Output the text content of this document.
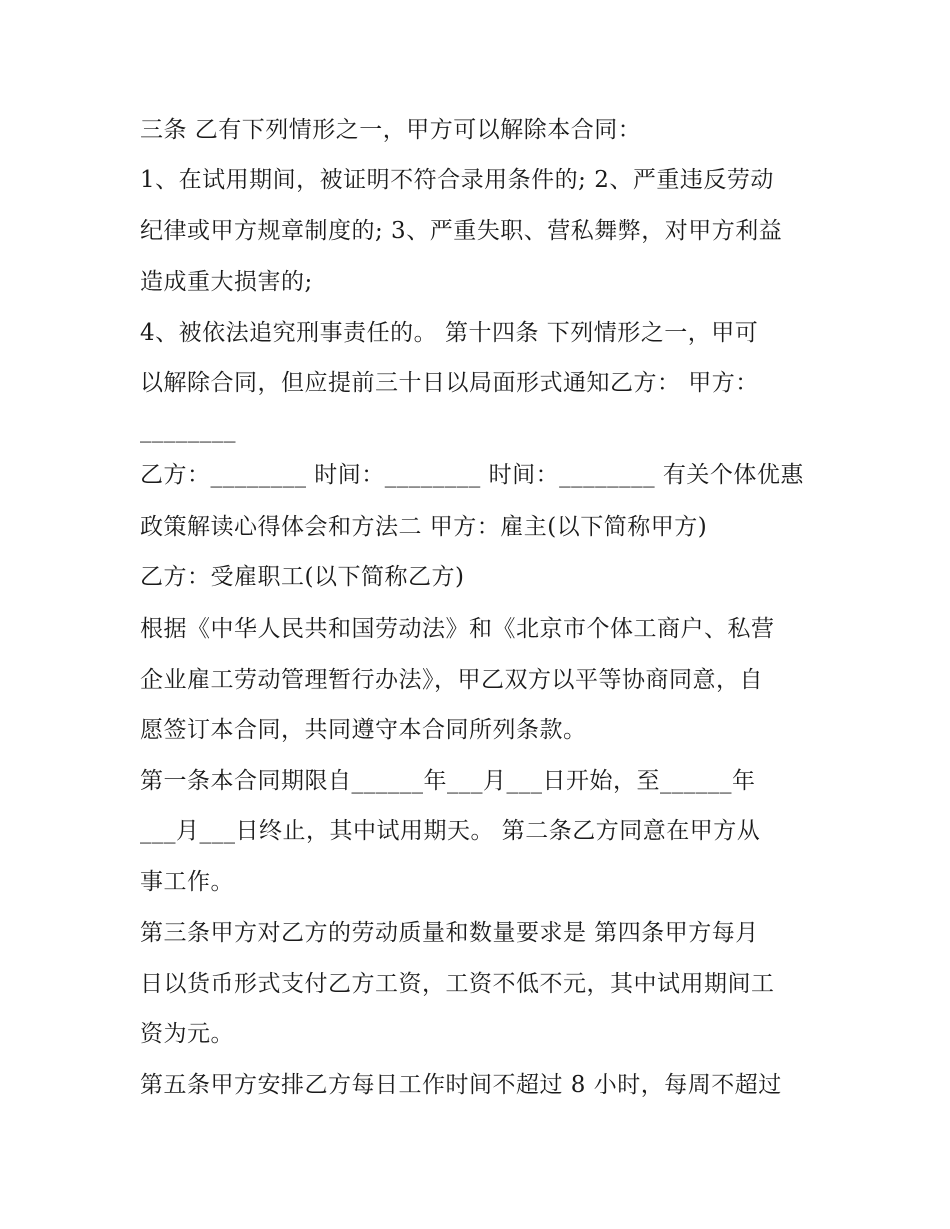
三条 乙有下列情形之一，甲方可以解除本合同：
1、在试用期间，被证明不符合录用条件的; 2、严重违反劳动
纪律或甲方规章制度的; 3、严重失职、营私舞弊，对甲方利益
造成重大损害的;
4、被依法追究刑事责任的。 第十四条 下列情形之一，甲可
以解除合同，但应提前三十日以局面形式通知乙方： 甲方：
________
乙方：________ 时间：________ 时间：________ 有关个体优惠
政策解读心得体会和方法二 甲方：雇主(以下简称甲方)
乙方：受雇职工(以下简称乙方)
根据《中华人民共和国劳动法》和《北京市个体工商户、私营
企业雇工劳动管理暂行办法》，甲乙双方以平等协商同意，自
愿签订本合同，共同遵守本合同所列条款。
第一条本合同期限自______年___月___日开始，至______年
___月___日终止，其中试用期天。 第二条乙方同意在甲方从
事工作。
第三条甲方对乙方的劳动质量和数量要求是 第四条甲方每月
日以货币形式支付乙方工资，工资不低不元，其中试用期间工
资为元。
第五条甲方安排乙方每日工作时间不超过 8 小时，每周不超过
